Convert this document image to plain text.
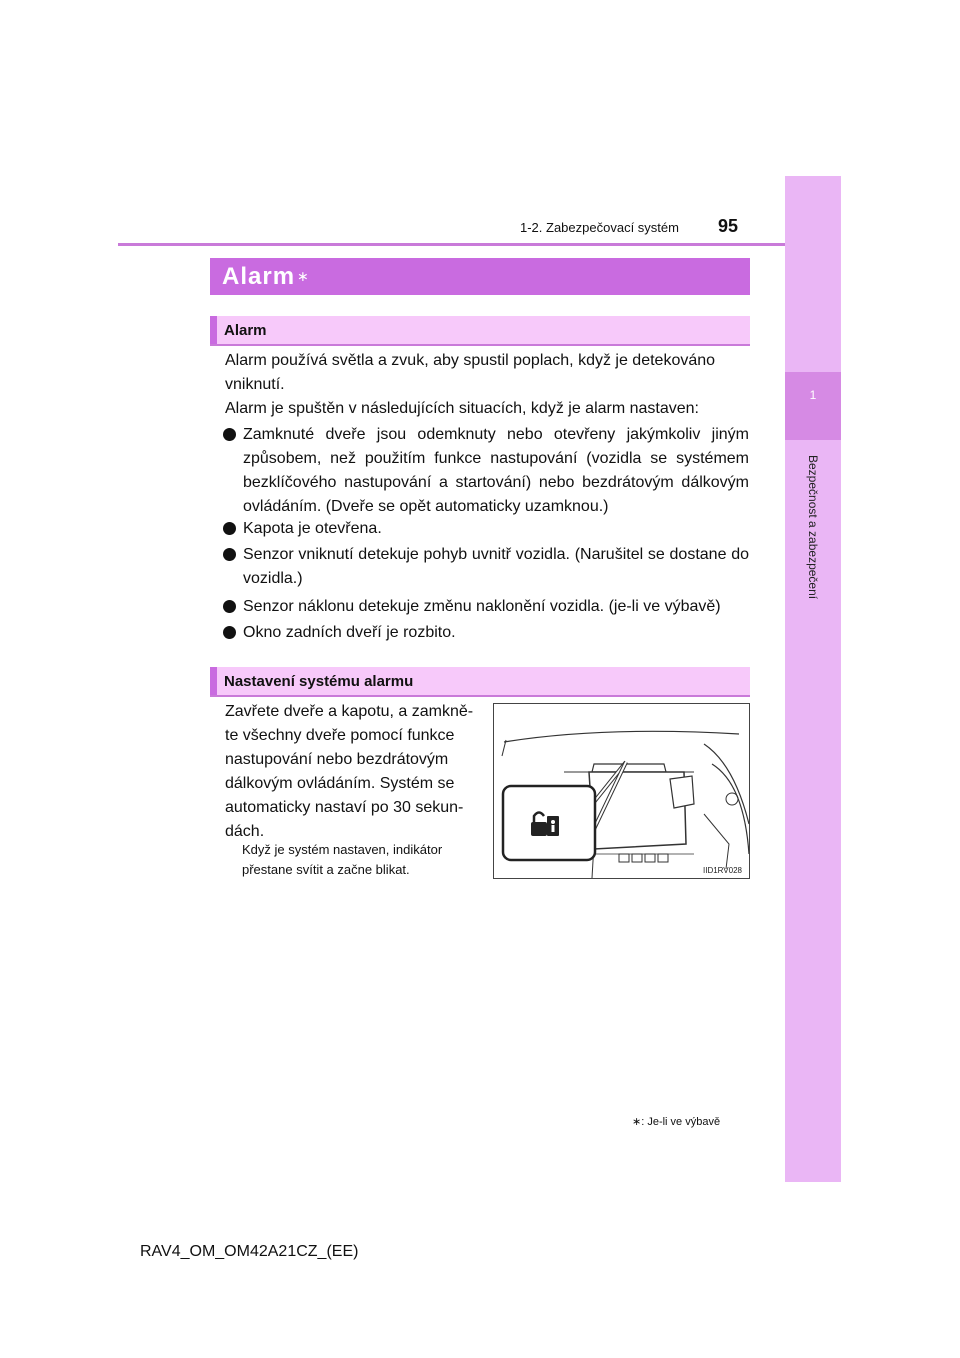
1
Bezpečnost a zabezpečení
1-2. Zabezpečovací systém 95
Alarm ∗
Alarm
Alarm používá světla a zvuk, aby spustil poplach, když je detekováno
vniknutí.
Alarm je spuštěn v následujících situacích, když je alarm nastaven:
Zamknuté dveře jsou odemknuty nebo otevřeny jakýmkoliv jiným způsobem, než použitím funkce nastupování (vozidla se systémem bezklíčového nastupování a startování) nebo bezdrátovým dálkovým ovládáním. (Dveře se opět automaticky uzamknou.)
Kapota je otevřena.
Senzor vniknutí detekuje pohyb uvnitř vozidla. (Narušitel se dostane do vozidla.)
Senzor náklonu detekuje změnu naklonění vozidla. (je-li ve výbavě)
Okno zadních dveří je rozbito.
Nastavení systému alarmu
Zavřete dveře a kapotu, a zamkně-
te všechny dveře pomocí funkce
nastupování nebo bezdrátovým
dálkovým ovládáním. Systém se
automaticky nastaví po 30 sekun-
dách.
Když je systém nastaven, indikátor
přestane svítit a začne blikat.	IID1RV028
∗: Je-li ve výbavě
RAV4_OM_OM42A21CZ_(EE)
